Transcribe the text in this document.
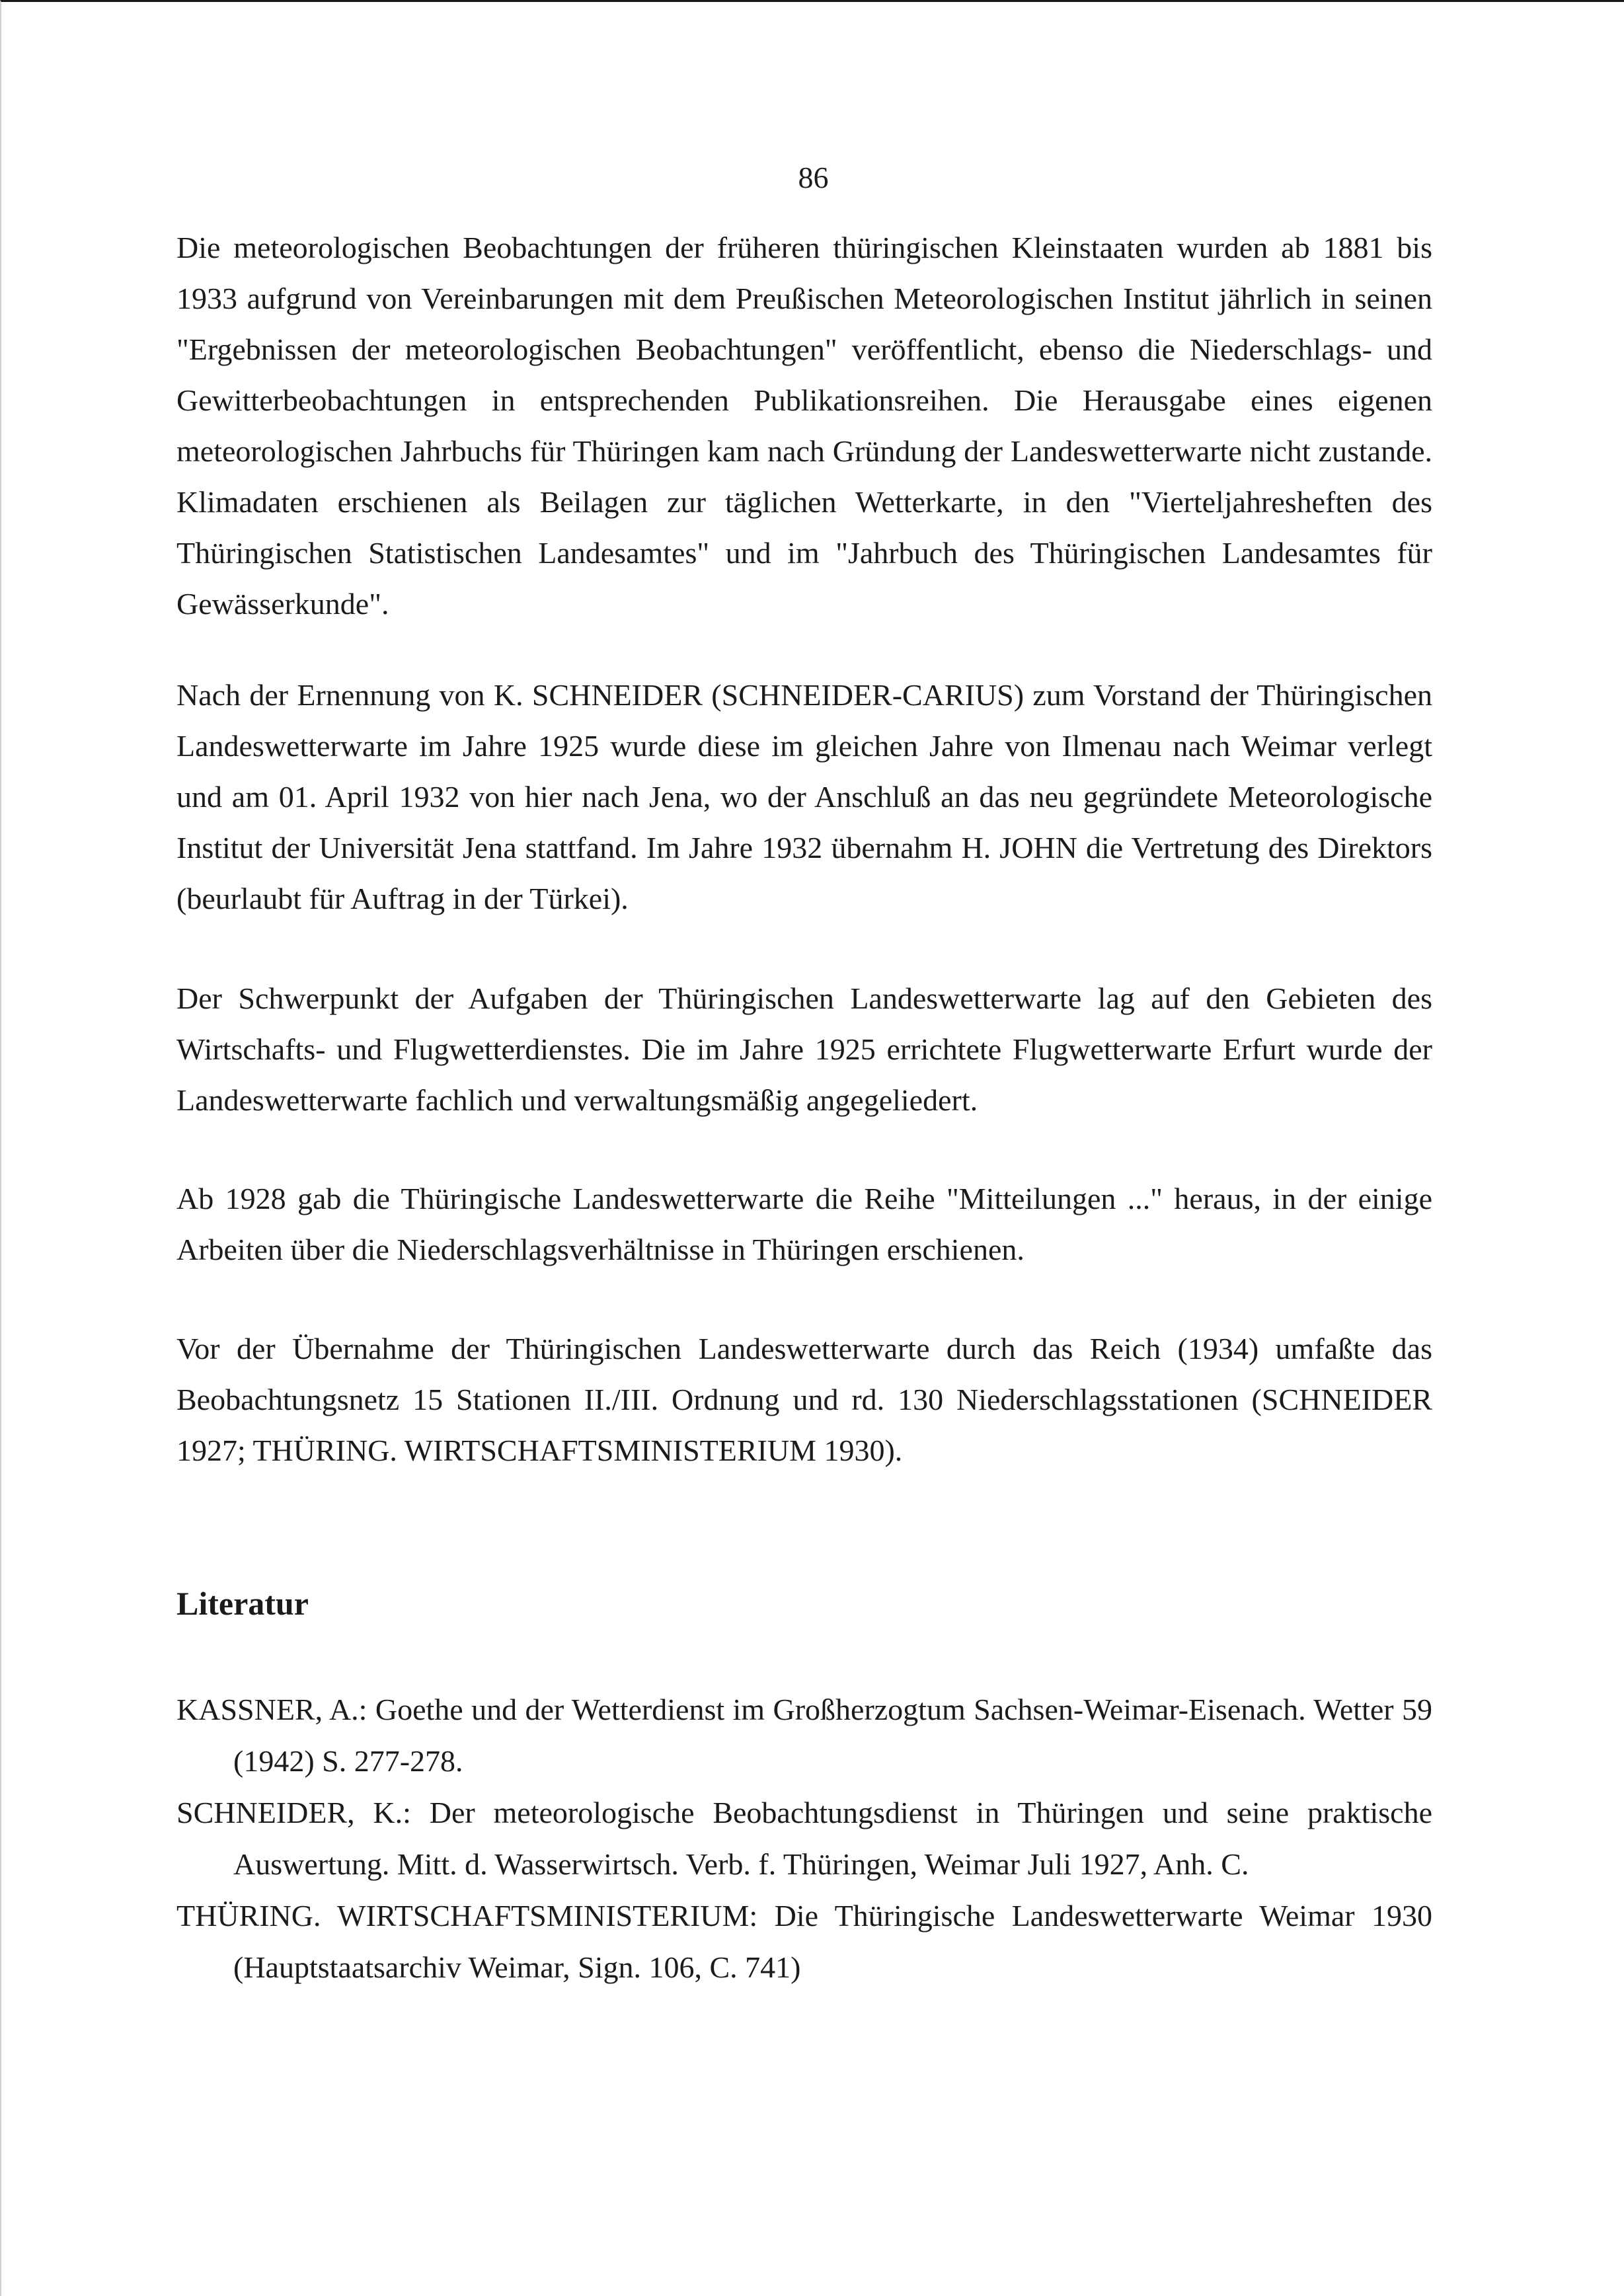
86

Die meteorologischen Beobachtungen der früheren thüringischen Kleinstaaten wurden ab 1881 bis 1933 aufgrund von Vereinbarungen mit dem Preußischen Meteorologischen Institut jährlich in seinen "Ergebnissen der meteorologischen Beobachtungen" veröffentlicht, ebenso die Niederschlags- und Gewitterbeobachtungen in entsprechenden Publikationsreihen. Die Herausgabe eines eigenen meteorologischen Jahrbuchs für Thüringen kam nach Gründung der Landeswetterwarte nicht zustande. Klimadaten erschienen als Beilagen zur täglichen Wetterkarte, in den "Vierteljahresheften des Thüringischen Statistischen Landesamtes" und im "Jahrbuch des Thüringischen Landesamtes für Gewässerkunde".

Nach der Ernennung von K. SCHNEIDER (SCHNEIDER-CARIUS) zum Vorstand der Thüringischen Landeswetterwarte im Jahre 1925 wurde diese im gleichen Jahre von Ilmenau nach Weimar verlegt und am 01. April 1932 von hier nach Jena, wo der Anschluß an das neu gegründete Meteorologische Institut der Universität Jena stattfand. Im Jahre 1932 übernahm H. JOHN die Vertretung des Direktors (beurlaubt für Auftrag in der Türkei).

Der Schwerpunkt der Aufgaben der Thüringischen Landeswetterwarte lag auf den Gebieten des Wirtschafts- und Flugwetterdienstes. Die im Jahre 1925 errichtete Flugwetterwarte Erfurt wurde der Landeswetterwarte fachlich und verwaltungsmäßig angegeliedert.

Ab 1928 gab die Thüringische Landeswetterwarte die Reihe "Mitteilungen ..." heraus, in der einige Arbeiten über die Niederschlagsverhältnisse in Thüringen erschienen.

Vor der Übernahme der Thüringischen Landeswetterwarte durch das Reich (1934) umfaßte das Beobachtungsnetz 15 Stationen II./III. Ordnung und rd. 130 Niederschlagsstationen (SCHNEIDER 1927; THÜRING. WIRTSCHAFTSMINISTERIUM 1930).

Literatur

KASSNER, A.: Goethe und der Wetterdienst im Großherzogtum Sachsen-Weimar-Eisenach. Wetter 59 (1942) S. 277-278.

SCHNEIDER, K.: Der meteorologische Beobachtungsdienst in Thüringen und seine praktische Auswertung. Mitt. d. Wasserwirtsch. Verb. f. Thüringen, Weimar Juli 1927, Anh. C.

THÜRING. WIRTSCHAFTSMINISTERIUM: Die Thüringische Landeswetterwarte Weimar 1930 (Hauptstaatsarchiv Weimar, Sign. 106, C. 741)
